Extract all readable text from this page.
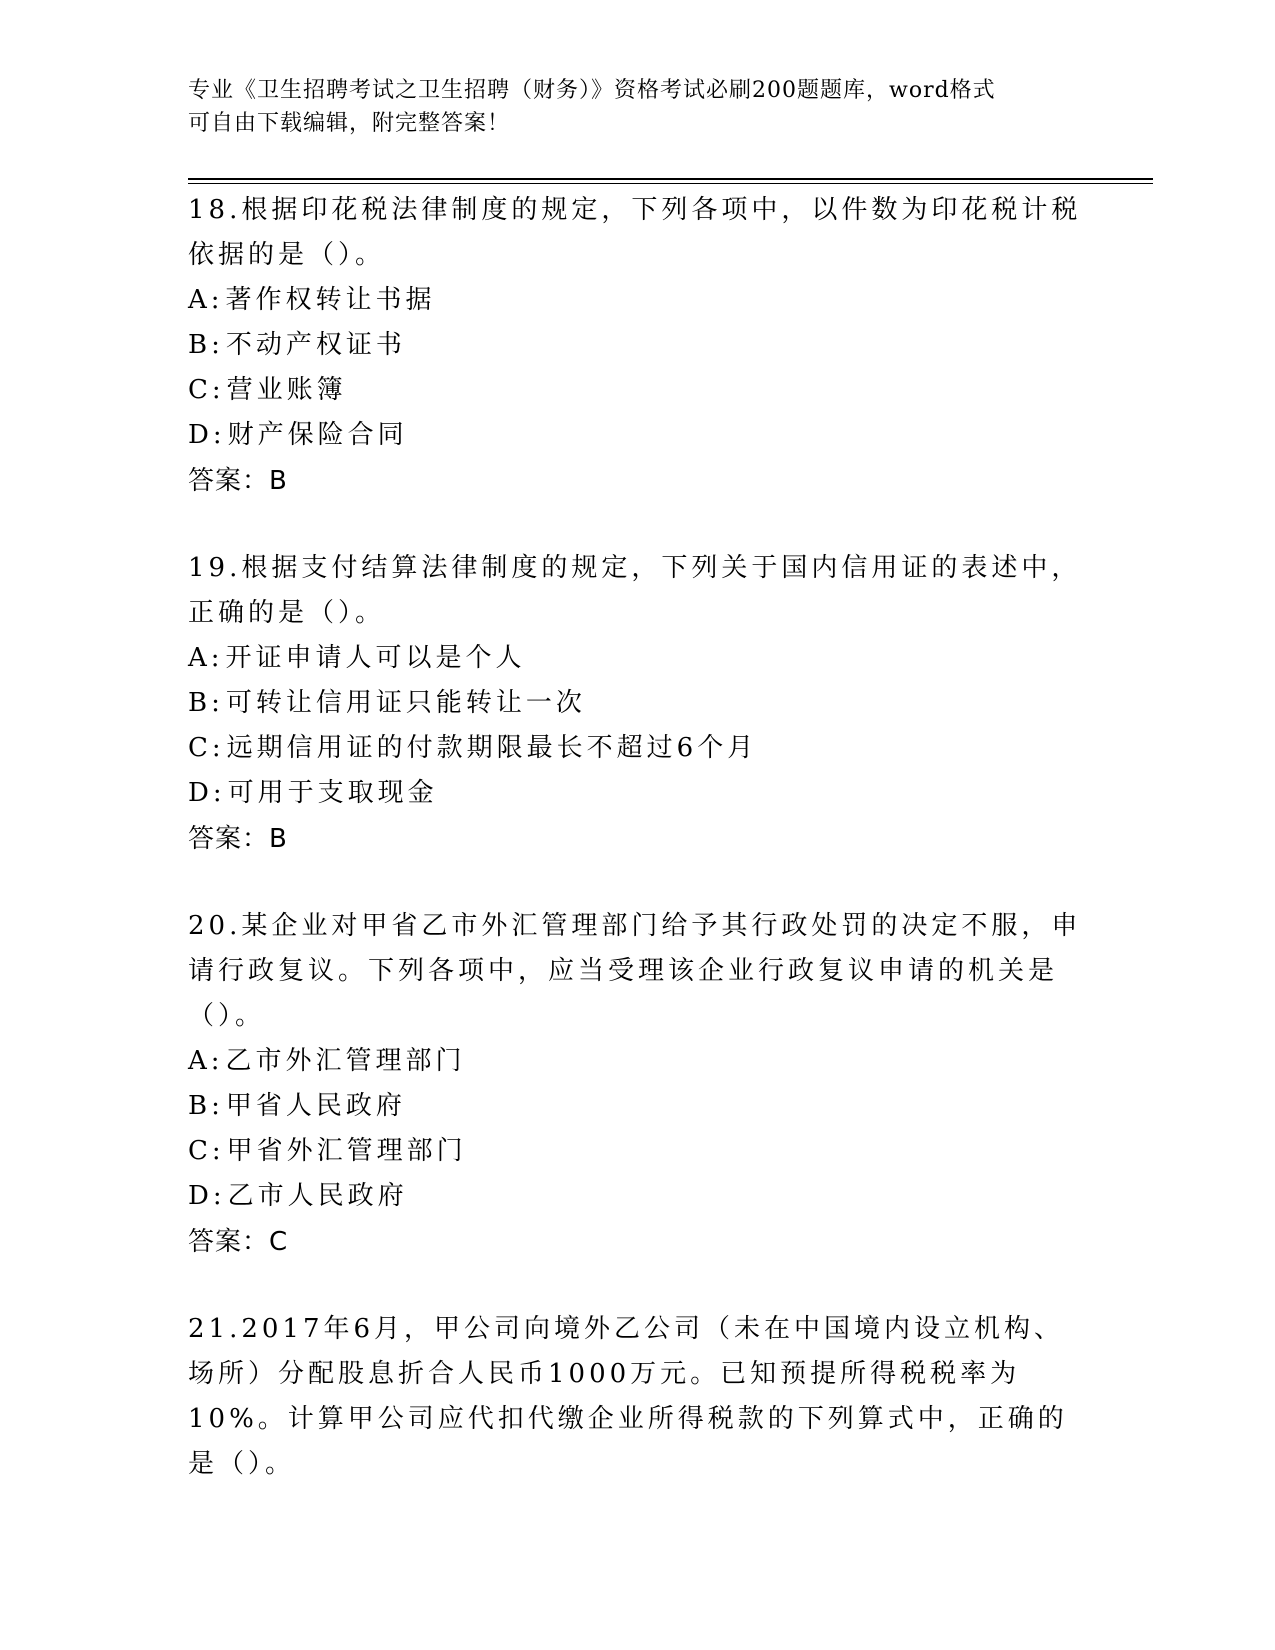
专业《卫生招聘考试之卫生招聘（财务）》资格考试必刷200题题库，word格式
可自由下载编辑，附完整答案！

18.根据印花税法律制度的规定，下列各项中，以件数为印花税计税依据的是（）。

A: 著作权转让书据

B: 不动产权证书

C: 营业账簿

D: 财产保险合同

答案：B

19.根据支付结算法律制度的规定，下列关于国内信用证的表述中，正确的是（）。

A: 开证申请人可以是个人

B: 可转让信用证只能转让一次

C: 远期信用证的付款期限最长不超过6个月

D: 可用于支取现金

答案：B

20.某企业对甲省乙市外汇管理部门给予其行政处罚的决定不服，申请行政复议。下列各项中，应当受理该企业行政复议申请的机关是（）。

A: 乙市外汇管理部门

B: 甲省人民政府

C: 甲省外汇管理部门

D: 乙市人民政府

答案：C

21.2017年6月，甲公司向境外乙公司（未在中国境内设立机构、场所）分配股息折合人民币1000万元。已知预提所得税税率为10%。计算甲公司应代扣代缴企业所得税款的下列算式中，正确的是（）。
